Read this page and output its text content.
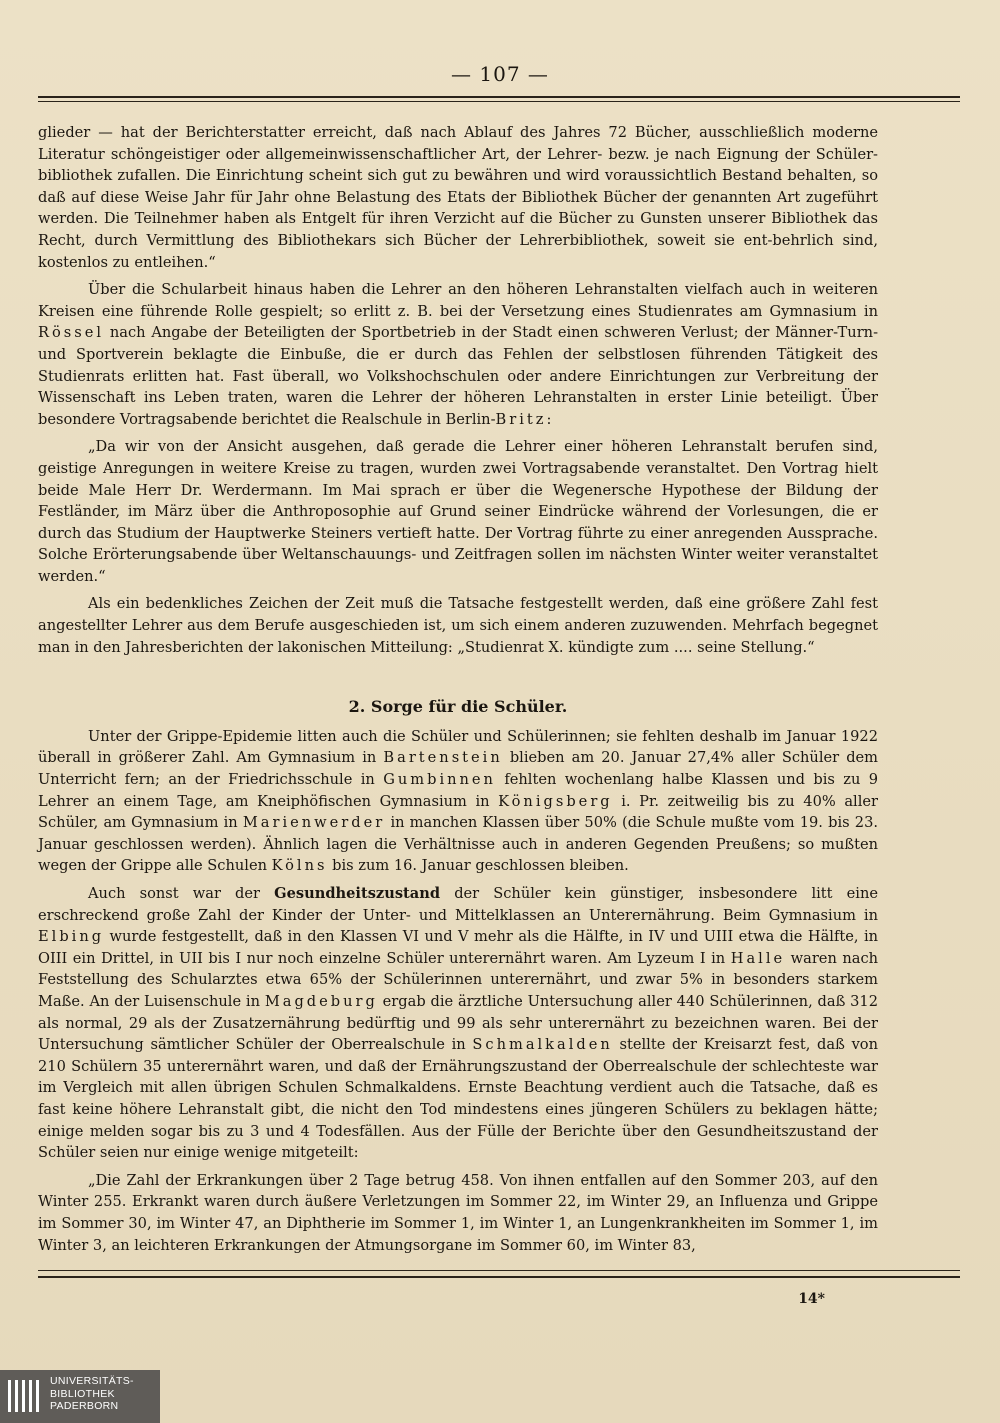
— 107 —

glieder — hat der Berichterstatter erreicht, daß nach Ablauf des Jahres 72 Bücher, ausschließlich moderne Literatur schöngeistiger oder allgemeinwissenschaftlicher Art, der Lehrer- bezw. je nach Eignung der Schüler-bibliothek zufallen. Die Einrichtung scheint sich gut zu bewähren und wird voraussichtlich Bestand behalten, so daß auf diese Weise Jahr für Jahr ohne Belastung des Etats der Bibliothek Bücher der genannten Art zugeführt werden. Die Teilnehmer haben als Entgelt für ihren Verzicht auf die Bücher zu Gunsten unserer Bibliothek das Recht, durch Vermittlung des Bibliothekars sich Bücher der Lehrerbibliothek, soweit sie ent-behrlich sind, kostenlos zu entleihen.“

Über die Schularbeit hinaus haben die Lehrer an den höheren Lehranstalten vielfach auch in weiteren Kreisen eine führende Rolle gespielt; so erlitt z. B. bei der Versetzung eines Studienrates am Gymnasium in Rössel nach Angabe der Beteiligten der Sportbetrieb in der Stadt einen schweren Verlust; der Männer-Turn- und Sportverein beklagte die Einbuße, die er durch das Fehlen der selbstlosen führenden Tätigkeit des Studienrats erlitten hat. Fast überall, wo Volkshochschulen oder andere Einrichtungen zur Verbreitung der Wissenschaft ins Leben traten, waren die Lehrer der höheren Lehranstalten in erster Linie beteiligt. Über besondere Vortragsabende berichtet die Realschule in Berlin-Britz:

„Da wir von der Ansicht ausgehen, daß gerade die Lehrer einer höheren Lehranstalt berufen sind, geistige Anregungen in weitere Kreise zu tragen, wurden zwei Vortragsabende veranstaltet. Den Vortrag hielt beide Male Herr Dr. Werdermann. Im Mai sprach er über die Wegenersche Hypothese der Bildung der Festländer, im März über die Anthroposophie auf Grund seiner Eindrücke während der Vorlesungen, die er durch das Studium der Hauptwerke Steiners vertieft hatte. Der Vortrag führte zu einer anregenden Aussprache. Solche Erörterungsabende über Weltanschauungs- und Zeitfragen sollen im nächsten Winter weiter veranstaltet werden.“

Als ein bedenkliches Zeichen der Zeit muß die Tatsache festgestellt werden, daß eine größere Zahl fest angestellter Lehrer aus dem Berufe ausgeschieden ist, um sich einem anderen zuzuwenden. Mehrfach begegnet man in den Jahresberichten der lakonischen Mitteilung: „Studienrat X. kündigte zum .... seine Stellung.“

2. Sorge für die Schüler.

Unter der Grippe-Epidemie litten auch die Schüler und Schülerinnen; sie fehlten deshalb im Januar 1922 überall in größerer Zahl. Am Gymnasium in Bartenstein blieben am 20. Januar 27,4% aller Schüler dem Unterricht fern; an der Friedrichsschule in Gumbinnen fehlten wochenlang halbe Klassen und bis zu 9 Lehrer an einem Tage, am Kneiphöfischen Gymnasium in Königsberg i. Pr. zeitweilig bis zu 40% aller Schüler, am Gymnasium in Marienwerder in manchen Klassen über 50% (die Schule mußte vom 19. bis 23. Januar geschlossen werden). Ähnlich lagen die Verhältnisse auch in anderen Gegenden Preußens; so mußten wegen der Grippe alle Schulen Kölns bis zum 16. Januar geschlossen bleiben.

Auch sonst war der Gesundheitszustand der Schüler kein günstiger, insbesondere litt eine erschreckend große Zahl der Kinder der Unter- und Mittelklassen an Unterernährung. Beim Gymnasium in Elbing wurde festgestellt, daß in den Klassen VI und V mehr als die Hälfte, in IV und UIII etwa die Hälfte, in OIII ein Drittel, in UII bis I nur noch einzelne Schüler unterernährt waren. Am Lyzeum I in Halle waren nach Feststellung des Schularztes etwa 65% der Schülerinnen unterernährt, und zwar 5% in besonders starkem Maße. An der Luisenschule in Magdeburg ergab die ärztliche Untersuchung aller 440 Schülerinnen, daß 312 als normal, 29 als der Zusatzernährung bedürftig und 99 als sehr unterernährt zu bezeichnen waren. Bei der Untersuchung sämtlicher Schüler der Oberrealschule in Schmalkalden stellte der Kreisarzt fest, daß von 210 Schülern 35 unterernährt waren, und daß der Ernährungszustand der Oberrealschule der schlechteste war im Vergleich mit allen übrigen Schulen Schmalkaldens. Ernste Beachtung verdient auch die Tatsache, daß es fast keine höhere Lehranstalt gibt, die nicht den Tod mindestens eines jüngeren Schülers zu beklagen hätte; einige melden sogar bis zu 3 und 4 Todesfällen. Aus der Fülle der Berichte über den Gesundheitszustand der Schüler seien nur einige wenige mitgeteilt:

„Die Zahl der Erkrankungen über 2 Tage betrug 458. Von ihnen entfallen auf den Sommer 203, auf den Winter 255. Erkrankt waren durch äußere Verletzungen im Sommer 22, im Winter 29, an Influenza und Grippe im Sommer 30, im Winter 47, an Diphtherie im Sommer 1, im Winter 1, an Lungenkrankheiten im Sommer 1, im Winter 3, an leichteren Erkrankungen der Atmungsorgane im Sommer 60, im Winter 83,

14*
UNIVERSITÄTS-
BIBLIOTHEK
PADERBORN
